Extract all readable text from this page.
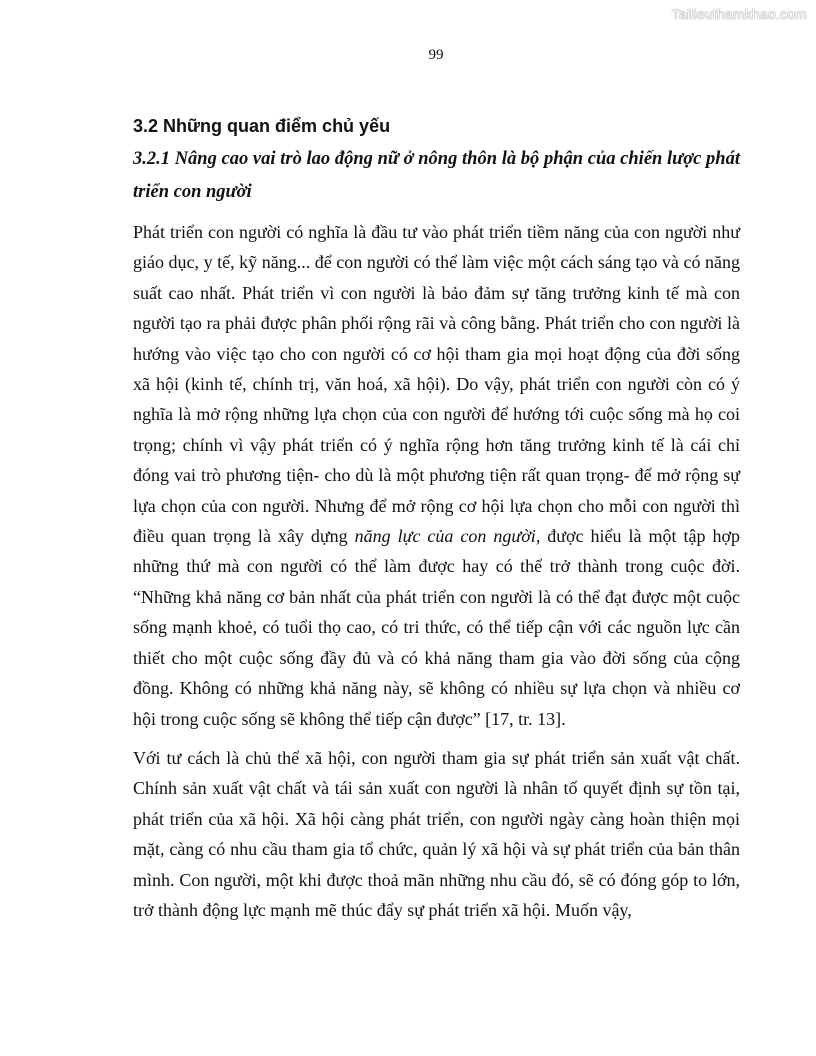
Tailieuthamkhao.com
99
3.2 Những quan điểm chủ yếu
3.2.1 Nâng cao vai trò lao động nữ ở nông thôn là bộ phận của chiến lược phát triển con người

Phát triển con người có nghĩa là đầu tư vào phát triển tiềm năng của con người như giáo dục, y tế, kỹ năng... để con người có thể làm việc một cách sáng tạo và có năng suất cao nhất. Phát triển vì con người là bảo đảm sự tăng trưởng kinh tế mà con người tạo ra phải được phân phối rộng rãi và công bằng. Phát triển cho con người là hướng vào việc tạo cho con người có cơ hội tham gia mọi hoạt động của đời sống xã hội (kinh tế, chính trị, văn hoá, xã hội). Do vậy, phát triển con người còn có ý nghĩa là mở rộng những lựa chọn của con người để hướng tới cuộc sống mà họ coi trọng; chính vì vậy phát triển có ý nghĩa rộng hơn tăng trưởng kinh tế là cái chỉ đóng vai trò phương tiện- cho dù là một phương tiện rất quan trọng- để mở rộng sự lựa chọn của con người. Nhưng để mở rộng cơ hội lựa chọn cho mỗi con người thì điều quan trọng là xây dựng năng lực của con người, được hiểu là một tập hợp những thứ mà con người có thể làm được hay có thể trở thành trong cuộc đời. “Những khả năng cơ bản nhất của phát triển con người là có thể đạt được một cuộc sống mạnh khoẻ, có tuổi thọ cao, có tri thức, có thể tiếp cận với các nguồn lực cần thiết cho một cuộc sống đầy đủ và có khả năng tham gia vào đời sống của cộng đồng. Không có những khả năng này, sẽ không có nhiều sự lựa chọn và nhiều cơ hội trong cuộc sống sẽ không thể tiếp cận được” [17, tr. 13].

Với tư cách là chủ thể xã hội, con người tham gia sự phát triển sản xuất vật chất. Chính sản xuất vật chất và tái sản xuất con người là nhân tố quyết định sự tồn tại, phát triển của xã hội. Xã hội càng phát triển, con người ngày càng hoàn thiện mọi mặt, càng có nhu cầu tham gia tổ chức, quản lý xã hội và sự phát triển của bản thân mình. Con người, một khi được thoả mãn những nhu cầu đó, sẽ có đóng góp to lớn, trở thành động lực mạnh mẽ thúc đẩy sự phát triển xã hội. Muốn vậy,
